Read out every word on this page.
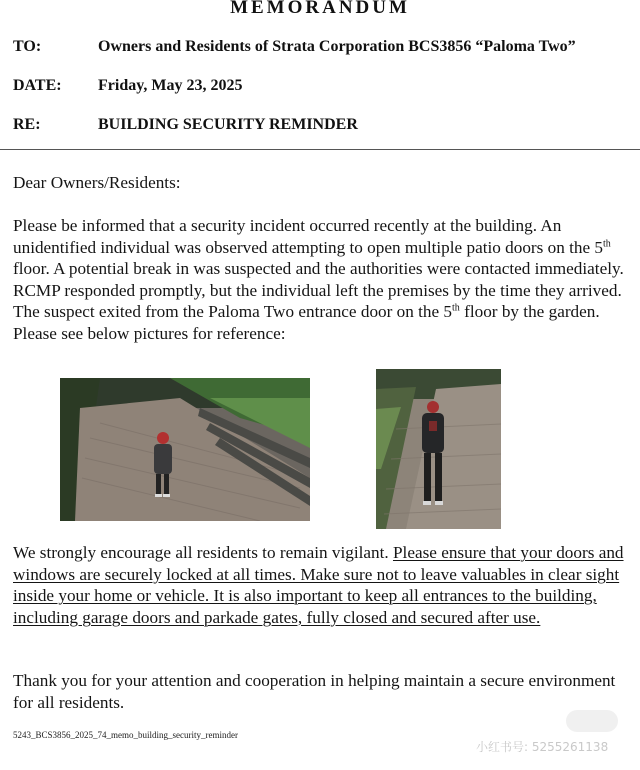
MEMORANDUM
TO:	Owners and Residents of Strata Corporation BCS3856 “Paloma Two”
DATE: Friday, May 23, 2025
RE:	BUILDING SECURITY REMINDER
Dear Owners/Residents:
Please be informed that a security incident occurred recently at the building. An unidentified individual was observed attempting to open multiple patio doors on the 5th floor. A potential break in was suspected and the authorities were contacted immediately. RCMP responded promptly, but the individual left the premises by the time they arrived. The suspect exited from the Paloma Two entrance door on the 5th floor by the garden. Please see below pictures for reference:
We strongly encourage all residents to remain vigilant. Please ensure that your doors and windows are securely locked at all times. Make sure not to leave valuables in clear sight inside your home or vehicle. It is also important to keep all entrances to the building, including garage doors and parkade gates, fully closed and secured after use.
Thank you for your attention and cooperation in helping maintain a secure environment for all residents.
5243_BCS3856_2025_74_memo_building_security_reminder
小红书号: 5255261138
